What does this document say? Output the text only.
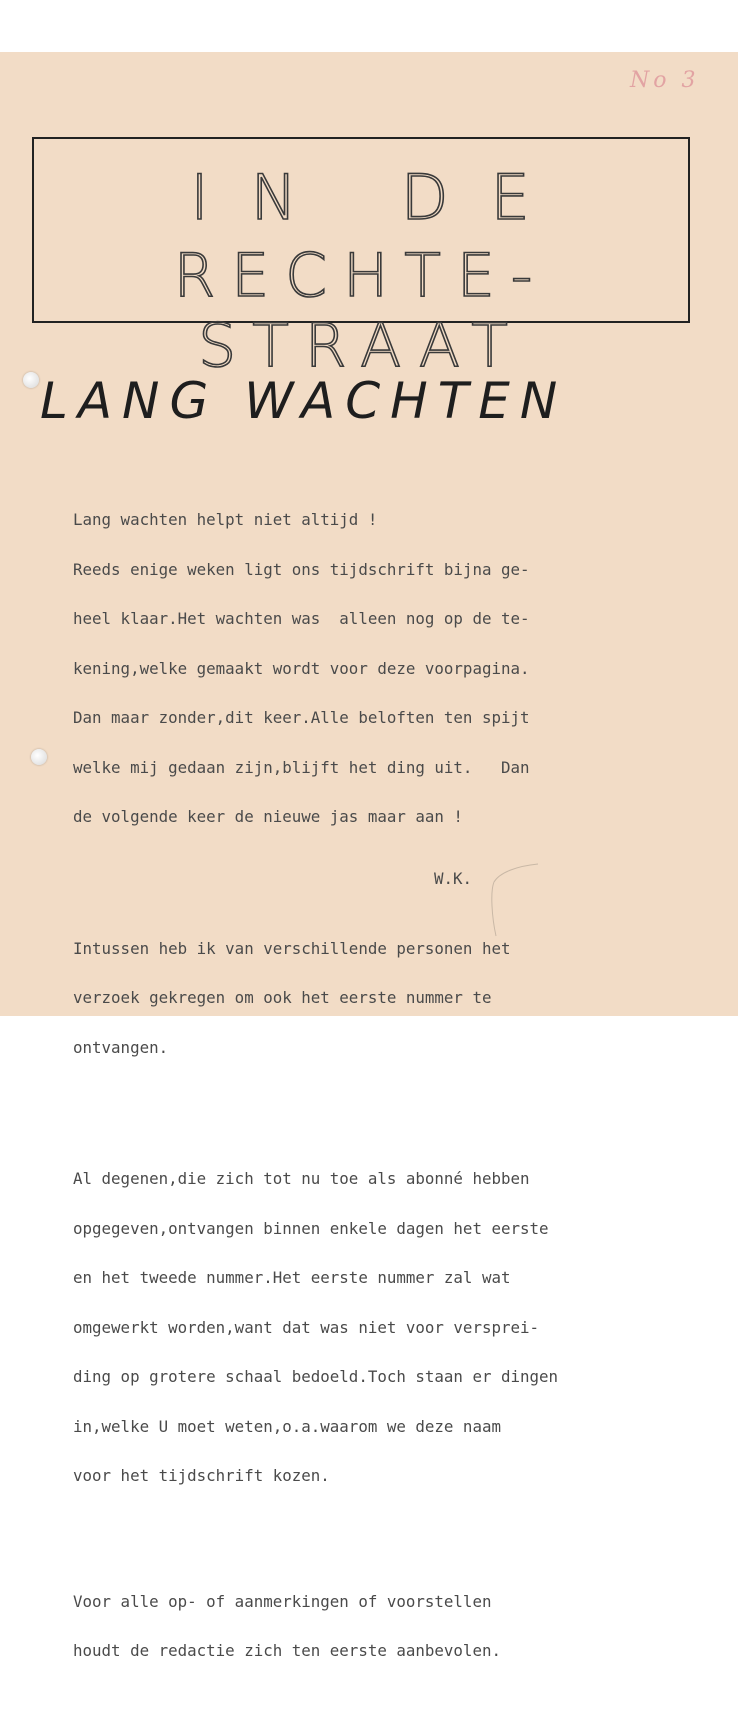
No 3
IN DE
RECHTE-STRAAT
LANG WACHTEN

Lang wachten helpt niet altijd !

Reeds enige weken ligt ons tijdschrift bijna ge-

heel klaar.Het wachten was  alleen nog op de te-

kening,welke gemaakt wordt voor deze voorpagina.

Dan maar zonder,dit keer.Alle beloften ten spijt

welke mij gedaan zijn,blijft het ding uit.   Dan

de volgende keer de nieuwe jas maar aan !

Intussen heb ik van verschillende personen het

verzoek gekregen om ook het eerste nummer te

ontvangen.

Al degenen,die zich tot nu toe als abonné hebben

opgegeven,ontvangen binnen enkele dagen het eerste

en het tweede nummer.Het eerste nummer zal wat

omgewerkt worden,want dat was niet voor versprei-

ding op grotere schaal bedoeld.Toch staan er dingen

in,welke U moet weten,o.a.waarom we deze naam

voor het tijdschrift kozen.

Voor alle op- of aanmerkingen of voorstellen

houdt de redactie zich ten eerste aanbevolen.

W.K.
